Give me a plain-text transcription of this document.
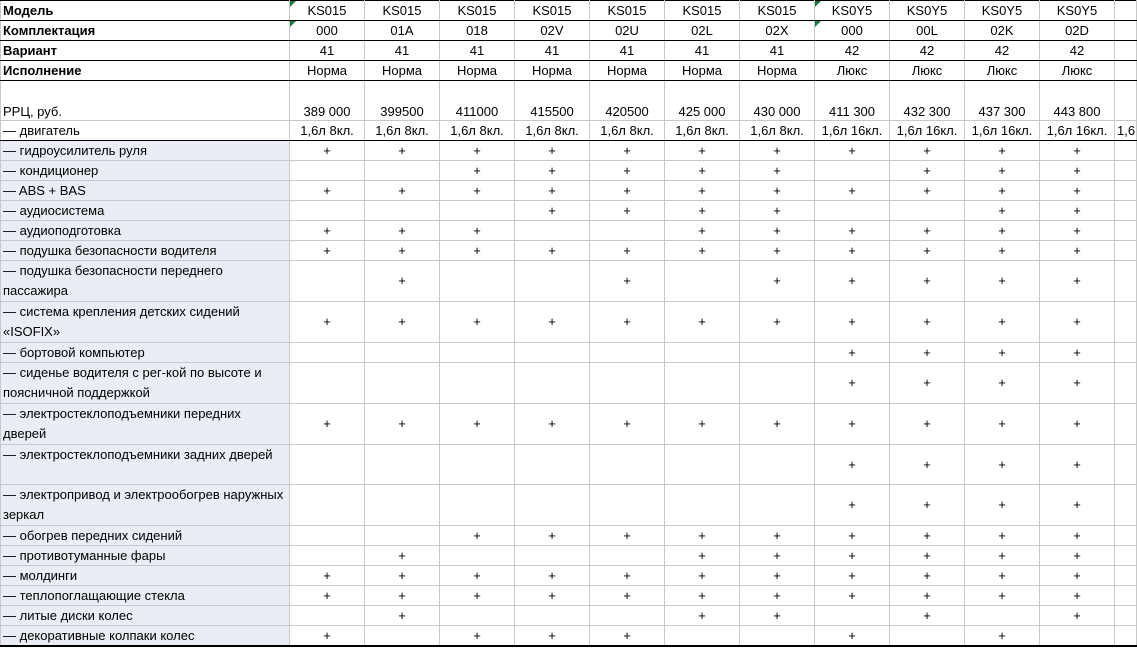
Модель	KS015	KS015	KS015	KS015	KS015	KS015	KS015	KS0Y5	KS0Y5	KS0Y5	KS0Y5	
Комплектация	000	01A	018	02V	02U	02L	02X	000	00L	02K	02D	
Вариант	41	41	41	41	41	41	41	42	42	42	42	
Исполнение	Норма	Норма	Норма	Норма	Норма	Норма	Норма	Люкс	Люкс	Люкс	Люкс	
РРЦ, руб.	389 000	399500	411000	415500	420500	425 000	430 000	411 300	432 300	437 300	443 800	
— двигатель	1,6л 8кл.	1,6л 8кл.	1,6л 8кл.	1,6л 8кл.	1,6л 8кл.	1,6л 8кл.	1,6л 8кл.	1,6л 16кл.	1,6л 16кл.	1,6л 16кл.	1,6л 16кл.	1,6
— гидроусилитель руля	+	+	+	+	+	+	+	+	+	+	+	
— кондиционер			+	+	+	+	+		+	+	+	
— ABS + BAS	+	+	+	+	+	+	+	+	+	+	+	
— аудиосистема				+	+	+	+			+	+	
— аудиоподготовка	+	+	+			+	+	+	+	+	+	
— подушка безопасности водителя	+	+	+	+	+	+	+	+	+	+	+	
— подушка безопасности переднего пассажира		+			+		+	+	+	+	+	
— система крепления детских сидений «ISOFIX»	+	+	+	+	+	+	+	+	+	+	+	
— бортовой компьютер								+	+	+	+	
— сиденье водителя с рег-кой по высоте и поясничной поддержкой								+	+	+	+	
— электростеклоподъемники передних дверей	+	+	+	+	+	+	+	+	+	+	+	
— электростеклоподъемники задних дверей								+	+	+	+	
— электропривод и электрообогрев наружных зеркал								+	+	+	+	
— обогрев передних сидений			+	+	+	+	+	+	+	+	+	
— противотуманные фары		+				+	+	+	+	+	+	
— молдинги	+	+	+	+	+	+	+	+	+	+	+	
— теплопоглащающие стекла	+	+	+	+	+	+	+	+	+	+	+	
— литые диски колес		+				+	+		+		+	
— декоративные колпаки колес	+		+	+	+			+		+		
